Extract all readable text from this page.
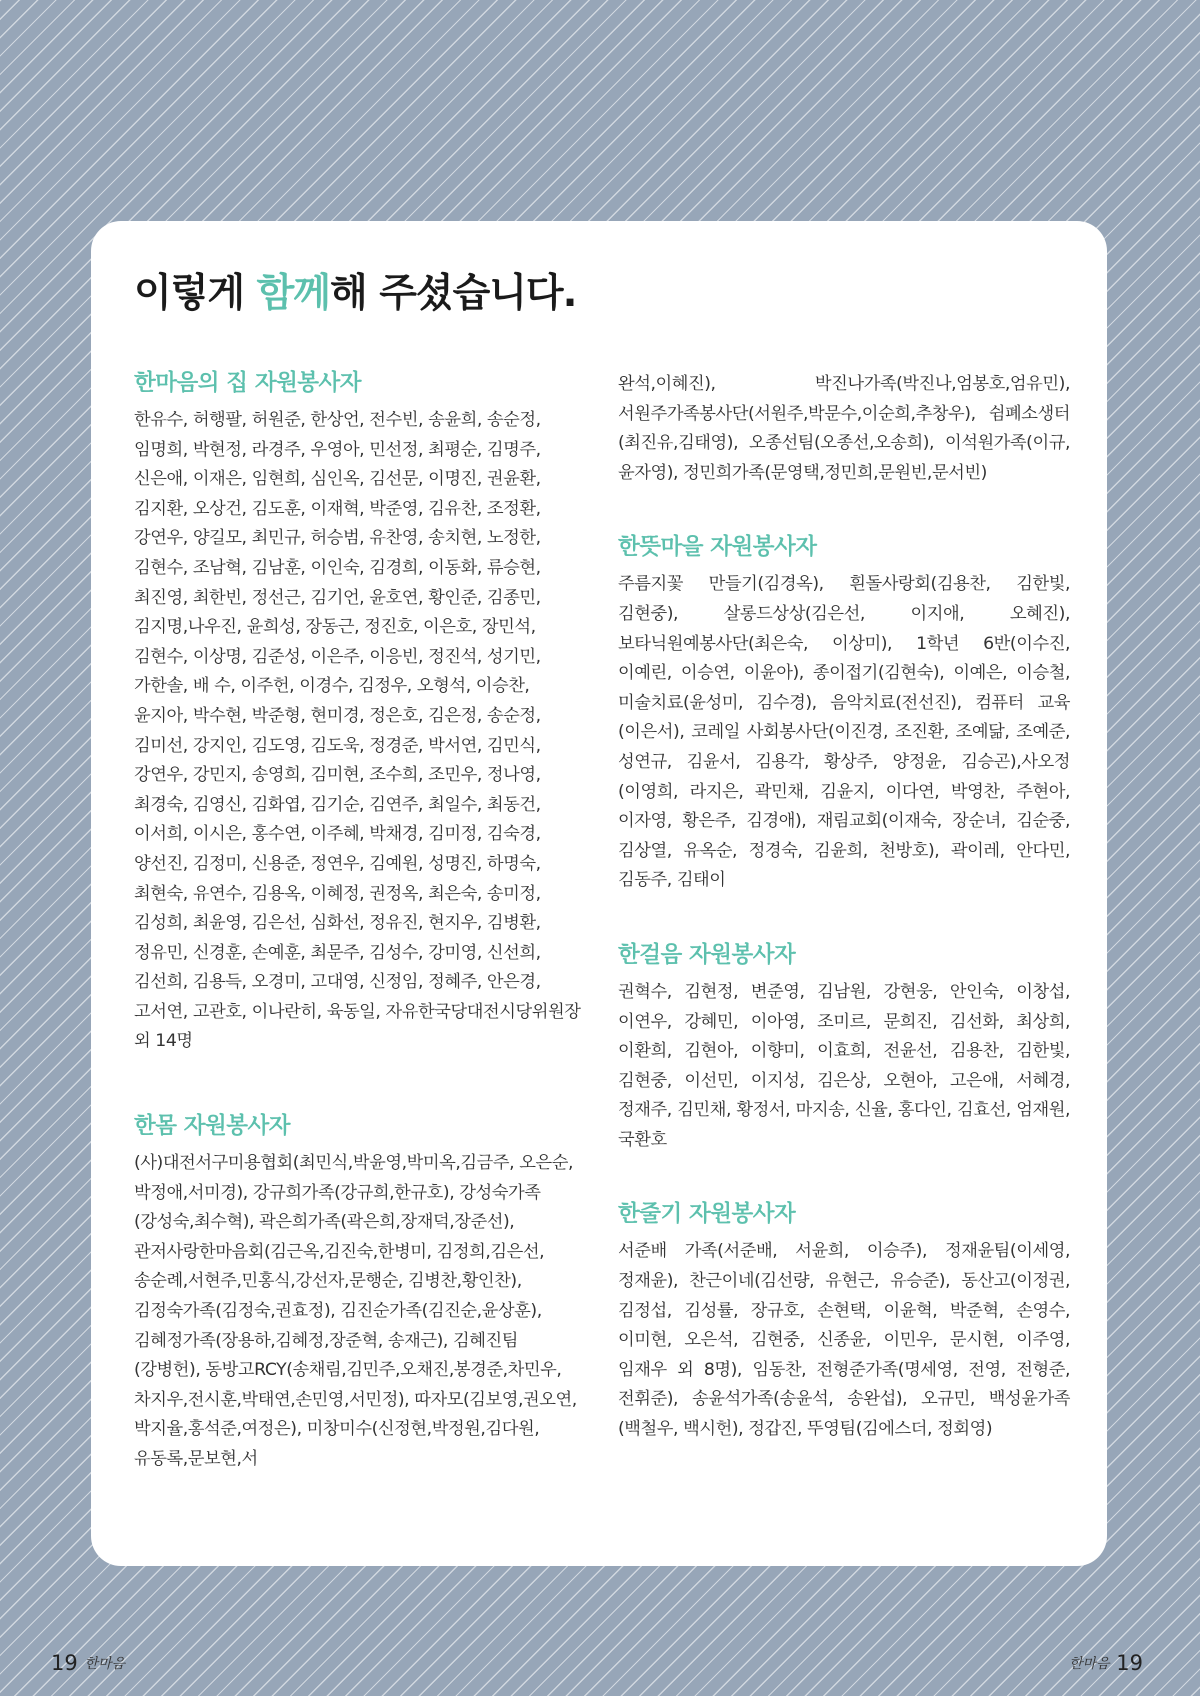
이렇게 함께해 주셨습니다.
한마음의 집 자원봉사자

한유수, 허행팔, 허원준, 한상언, 전수빈, 송윤희, 송순정, 임명희, 박현정, 라경주, 우영아, 민선정, 최평순, 김명주, 신은애, 이재은, 임현희, 심인옥, 김선문, 이명진, 권윤환, 김지환, 오상건, 김도훈, 이재혁, 박준영, 김유찬, 조정환, 강연우, 양길모, 최민규, 허승범, 유찬영, 송치현, 노정한, 김현수, 조남혁, 김남훈, 이인숙, 김경희, 이동화, 류승현, 최진영, 최한빈, 정선근, 김기언, 윤호연, 황인준, 김종민, 김지명,나우진, 윤희성, 장동근, 정진호, 이은호, 장민석, 김현수, 이상명, 김준성, 이은주, 이응빈, 정진석, 성기민, 가한솔, 배 수, 이주헌, 이경수, 김정우, 오형석, 이승찬, 윤지아, 박수현, 박준형, 현미경, 정은호, 김은정, 송순정, 김미선, 강지인, 김도영, 김도욱, 정경준, 박서연, 김민식, 강연우, 강민지, 송영희, 김미현, 조수희, 조민우, 정나영, 최경숙, 김영신, 김화엽, 김기순, 김연주, 최일수, 최동건, 이서희, 이시은, 홍수연, 이주혜, 박채경, 김미정, 김숙경, 양선진, 김정미, 신용준, 정연우, 김예원, 성명진, 하명숙, 최현숙, 유연수, 김용옥, 이혜정, 권정옥, 최은숙, 송미정, 김성희, 최윤영, 김은선, 심화선, 정유진, 현지우, 김병환, 정유민, 신경훈, 손예훈, 최문주, 김성수, 강미영, 신선희, 김선희, 김용득, 오경미, 고대영, 신정임, 정혜주, 안은경, 고서연, 고관호, 이나란히, 육동일, 자유한국당대전시당위원장 외 14명

한몸 자원봉사자

(사)대전서구미용협회(최민식,박윤영,박미옥,김금주, 오은순,박정애,서미경), 강규희가족(강규희,한규호), 강성숙가족(강성숙,최수혁), 곽은희가족(곽은희,장재덕,장준선), 관저사랑한마음회(김근옥,김진숙,한병미, 김정희,김은선,송순례,서현주,민홍식,강선자,문행순, 김병찬,황인찬), 김정숙가족(김정숙,권효정), 김진순가족(김진순,윤상훈), 김혜정가족(장용하,김혜정,장준혁, 송재근), 김혜진팀(강병헌), 동방고RCY(송채림,김민주,오채진,봉경준,차민우,차지우,전시훈,박태연,손민영,서민정), 따자모(김보영,권오연,박지율,홍석준,여정은), 미창미수(신정현,박정원,김다원,유동록,문보현,서

완석,이혜진), 박진나가족(박진나,엄봉호,엄유민), 서원주가족봉사단(서원주,박문수,이순희,추창우), 쉼폐소생터(최진유,김태영), 오종선팀(오종선,오송희), 이석원가족(이규,윤자영), 정민희가족(문영택,정민희,문원빈,문서빈)

한뜻마을 자원봉사자

주름지꽃 만들기(김경옥), 흰돌사랑회(김용찬, 김한빛, 김현중), 살롱드상상(김은선, 이지애, 오혜진), 보타닉원예봉사단(최은숙, 이상미), 1학년 6반(이수진, 이예린, 이승연, 이윤아), 종이접기(김현숙), 이예은, 이승철, 미술치료(윤성미, 김수경), 음악치료(전선진), 컴퓨터 교육(이은서), 코레일 사회봉사단(이진경, 조진환, 조예닮, 조예준, 성연규, 김윤서, 김용각, 황상주, 양정윤, 김승곤),사오정(이영희, 라지은, 곽민채, 김윤지, 이다연, 박영찬, 주현아, 이자영, 황은주, 김경애), 재림교회(이재숙, 장순녀, 김순중, 김상열, 유옥순, 정경숙, 김윤희, 천방호), 곽이레, 안다민, 김동주, 김태이

한걸음 자원봉사자

권혁수, 김현정, 변준영, 김남원, 강현웅, 안인숙, 이창섭, 이연우, 강혜민, 이아영, 조미르, 문희진, 김선화, 최상희, 이환희, 김현아, 이향미, 이효희, 전윤선, 김용찬, 김한빛, 김현중, 이선민, 이지성, 김은상, 오현아, 고은애, 서혜경, 정재주, 김민채, 황정서, 마지송, 신율, 홍다인, 김효선, 엄재원, 국환호

한줄기 자원봉사자

서준배 가족(서준배, 서윤희, 이승주), 정재윤팀(이세영, 정재윤), 찬근이네(김선량, 유현근, 유승준), 동산고(이정권, 김정섭, 김성률, 장규호, 손현택, 이윤혁, 박준혁, 손영수, 이미현, 오은석, 김현중, 신종윤, 이민우, 문시현, 이주영, 임재우 외 8명), 임동찬, 전형준가족(명세영, 전영, 전형준, 전휘준), 송윤석가족(송윤석, 송완섭), 오규민, 백성윤가족(백철우, 백시헌), 정갑진, 뚜영팀(김에스더, 정회영)

19 한마음	한마음 19
